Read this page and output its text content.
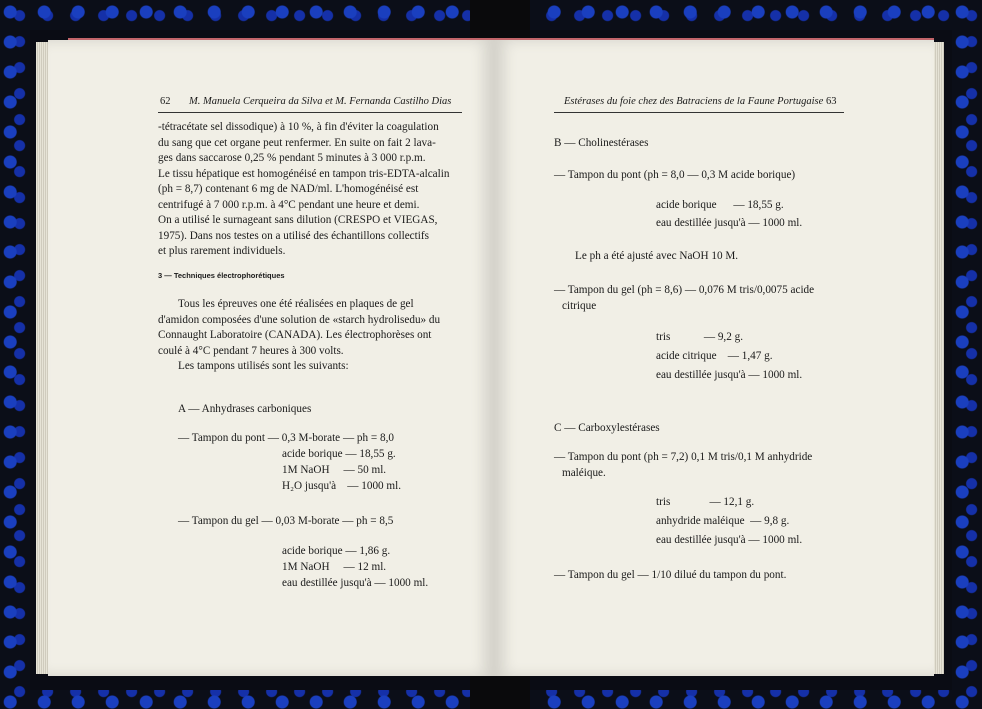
62 M. Manuela Cerqueira da Silva et M. Fernanda Castilho Dias
-tétracétate sel dissodique) à 10 %, à fin d'éviter la coagulation
du sang que cet organe peut renfermer. En suite on fait 2 lava-
ges dans saccarose 0,25 % pendant 5 minutes à 3 000 r.p.m.
Le tissu hépatique est homogénéisé en tampon tris-EDTA-alcalin
(ph = 8,7) contenant 6 mg de NAD/ml. L'homogénéisé est
centrifugé à 7 000 r.p.m. à 4°C pendant une heure et demi.
On a utilisé le surnageant sans dilution (CRESPO et VIEGAS,
1975). Dans nos testes on a utilisé des échantillons collectifs
et plus rarement individuels.
3 — Techniques électrophorétiques
Tous les épreuves one été réalisées en plaques de gel
d'amidon composées d'une solution de «starch hydrolisedu» du
Connaught Laboratoire (CANADA). Les électrophorèses ont
coulé à 4°C pendant 7 heures à 300 volts.
Les tampons utilisés sont les suivants:
A — Anhydrases carboniques
— Tampon du pont — 0,3 M-borate — ph = 8,0
acide borique — 18,55 g.
1M NaOH     — 50 ml.
H₂O jusqu'à    — 1000 ml.
— Tampon du gel — 0,03 M-borate — ph = 8,5
acide borique — 1,86 g.
1M NaOH     — 12 ml.
eau destillée jusqu'à — 1000 ml.
Estérases du foie chez des Batraciens de la Faune Portugaise 63
B — Cholinestérases
— Tampon du pont (ph = 8,0 — 0,3 M acide borique)
acide borique      — 18,55 g.
eau destillée jusqu'à — 1000 ml.
Le ph a été ajusté avec NaOH 10 M.
— Tampon du gel (ph = 8,6) — 0,076 M tris/0,0075 acide
citrique
tris            — 9,2 g.
acide citrique    — 1,47 g.
eau destillée jusqu'à — 1000 ml.
C — Carboxylestérases
— Tampon du pont (ph = 7,2) 0,1 M tris/0,1 M anhydride
maléique.
tris              — 12,1 g.
anhydride maléique  — 9,8 g.
eau destillée jusqu'à — 1000 ml.
— Tampon du gel — 1/10 dilué du tampon du pont.
